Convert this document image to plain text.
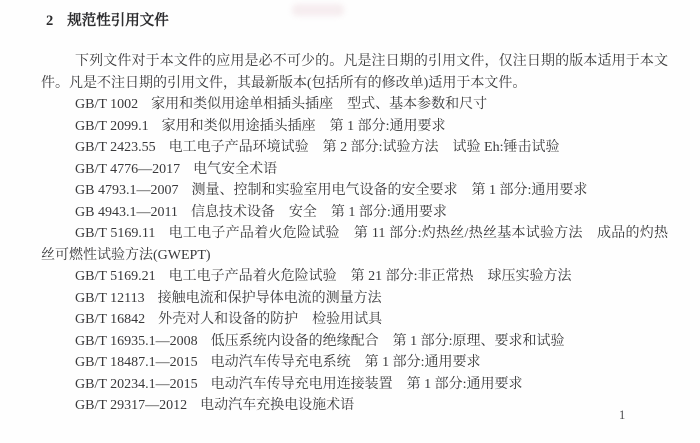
2 规范性引用文件

下列文件对于本文件的应用是必不可少的。凡是注日期的引用文件，仅注日期的版本适用于本文件。凡是不注日期的引用文件，其最新版本(包括所有的修改单)适用于本文件。

GB/T 1002 家用和类似用途单相插头插座　型式、基本参数和尺寸

GB/T 2099.1 家用和类似用途插头插座　第 1 部分:通用要求

GB/T 2423.55 电工电子产品环境试验　第 2 部分:试验方法　试验 Eh:锤击试验

GB/T 4776—2017 电气安全术语

GB 4793.1—2007 测量、控制和实验室用电气设备的安全要求　第 1 部分:通用要求

GB 4943.1—2011 信息技术设备　安全　第 1 部分:通用要求

GB/T 5169.11 电工电子产品着火危险试验　第 11 部分:灼热丝/热丝基本试验方法　成品的灼热丝可燃性试验方法(GWEPT)

GB/T 5169.21 电工电子产品着火危险试验　第 21 部分:非正常热　球压实验方法

GB/T 12113 接触电流和保护导体电流的测量方法

GB/T 16842 外壳对人和设备的防护　检验用试具

GB/T 16935.1—2008 低压系统内设备的绝缘配合　第 1 部分:原理、要求和试验

GB/T 18487.1—2015 电动汽车传导充电系统　第 1 部分:通用要求

GB/T 20234.1—2015 电动汽车传导充电用连接装置　第 1 部分:通用要求

GB/T 29317—2012 电动汽车充换电设施术语

1
